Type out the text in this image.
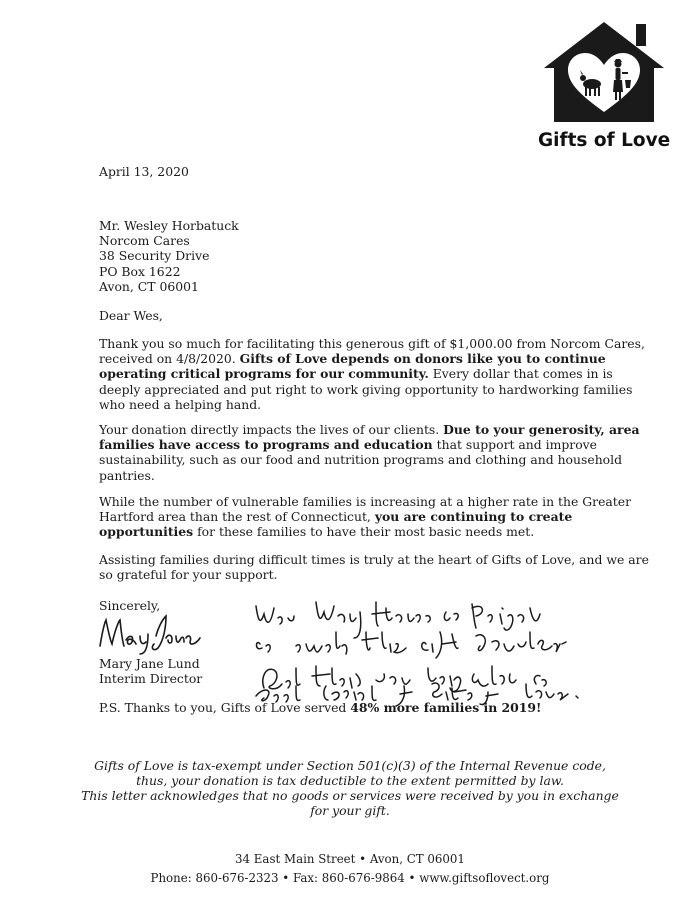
Gifts of Love
April 13, 2020
Mr. Wesley Horbatuck
Norcom Cares
38 Security Drive
PO Box 1622
Avon, CT 06001
Dear Wes,
Thank you so much for facilitating this generous gift of $1,000.00 from Norcom Cares,
received on 4/8/2020. Gifts of Love depends on donors like you to continue
operating critical programs for our community. Every dollar that comes in is
deeply appreciated and put right to work giving opportunity to hardworking families
who need a helping hand.
Your donation directly impacts the lives of our clients. Due to your generosity, area
families have access to programs and education that support and improve
sustainability, such as our food and nutrition programs and clothing and household
pantries.
While the number of vulnerable families is increasing at a higher rate in the Greater
Hartford area than the rest of Connecticut, you are continuing to create
opportunities for these families to have their most basic needs met.
Assisting families during difficult times is truly at the heart of Gifts of Love, and we are
so grateful for your support.
Sincerely,
Mary Jane Lund
Interim Director
P.S. Thanks to you, Gifts of Love served 48% more families in 2019!
Gifts of Love is tax-exempt under Section 501(c)(3) of the Internal Revenue code,
thus, your donation is tax deductible to the extent permitted by law.
This letter acknowledges that no goods or services were received by you in exchange
for your gift.
34 East Main Street • Avon, CT 06001
Phone: 860-676-2323 • Fax: 860-676-9864 • www.giftsoflovect.org
